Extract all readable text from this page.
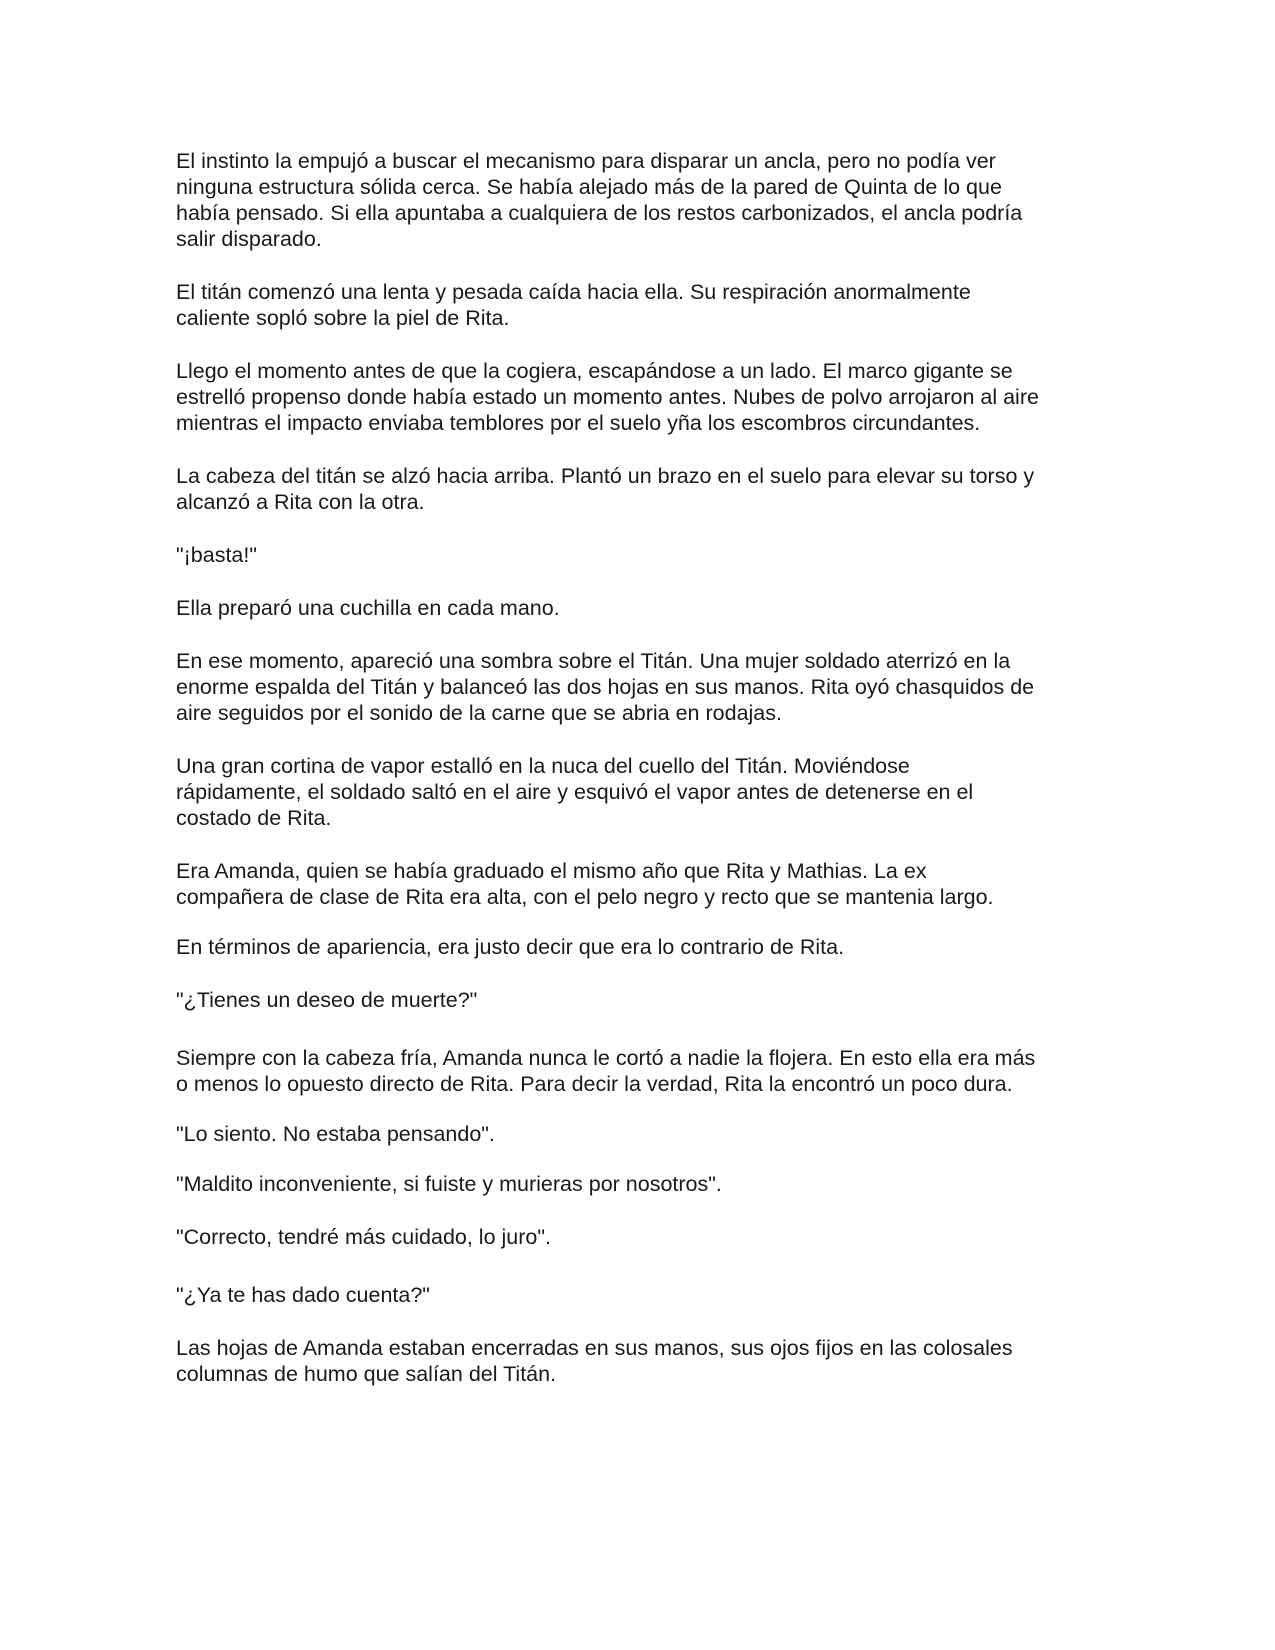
El instinto la empujó a buscar el mecanismo para disparar un ancla, pero no podía ver
ninguna estructura sólida cerca. Se había alejado más de la pared de Quinta de lo que
había pensado. Si ella apuntaba a cualquiera de los restos carbonizados, el ancla podría
salir disparado.

El titán comenzó una lenta y pesada caída hacia ella. Su respiración anormalmente
caliente sopló sobre la piel de Rita.

Llego el momento antes de que la cogiera, escapándose a un lado. El marco gigante se
estrelló propenso donde había estado un momento antes. Nubes de polvo arrojaron al aire
mientras el impacto enviaba temblores por el suelo yña los escombros circundantes.

La cabeza del titán se alzó hacia arriba. Plantó un brazo en el suelo para elevar su torso y
alcanzó a Rita con la otra.

"¡basta!"

Ella preparó una cuchilla en cada mano.

En ese momento, apareció una sombra sobre el Titán. Una mujer soldado aterrizó en la
enorme espalda del Titán y balanceó las dos hojas en sus manos. Rita oyó chasquidos de
aire seguidos por el sonido de la carne que se abria en rodajas.

Una gran cortina de vapor estalló en la nuca del cuello del Titán. Moviéndose
rápidamente, el soldado saltó en el aire y esquivó el vapor antes de detenerse en el
costado de Rita.

Era Amanda, quien se había graduado el mismo año que Rita y Mathias. La ex
compañera de clase de Rita era alta, con el pelo negro y recto que se mantenia largo.

En términos de apariencia, era justo decir que era lo contrario de Rita.

"¿Tienes un deseo de muerte?"

Siempre con la cabeza fría, Amanda nunca le cortó a nadie la flojera. En esto ella era más
o menos lo opuesto directo de Rita. Para decir la verdad, Rita la encontró un poco dura.

"Lo siento. No estaba pensando".

"Maldito inconveniente, si fuiste y murieras por nosotros".

"Correcto, tendré más cuidado, lo juro".

"¿Ya te has dado cuenta?"

Las hojas de Amanda estaban encerradas en sus manos, sus ojos fijos en las colosales
columnas de humo que salían del Titán.
